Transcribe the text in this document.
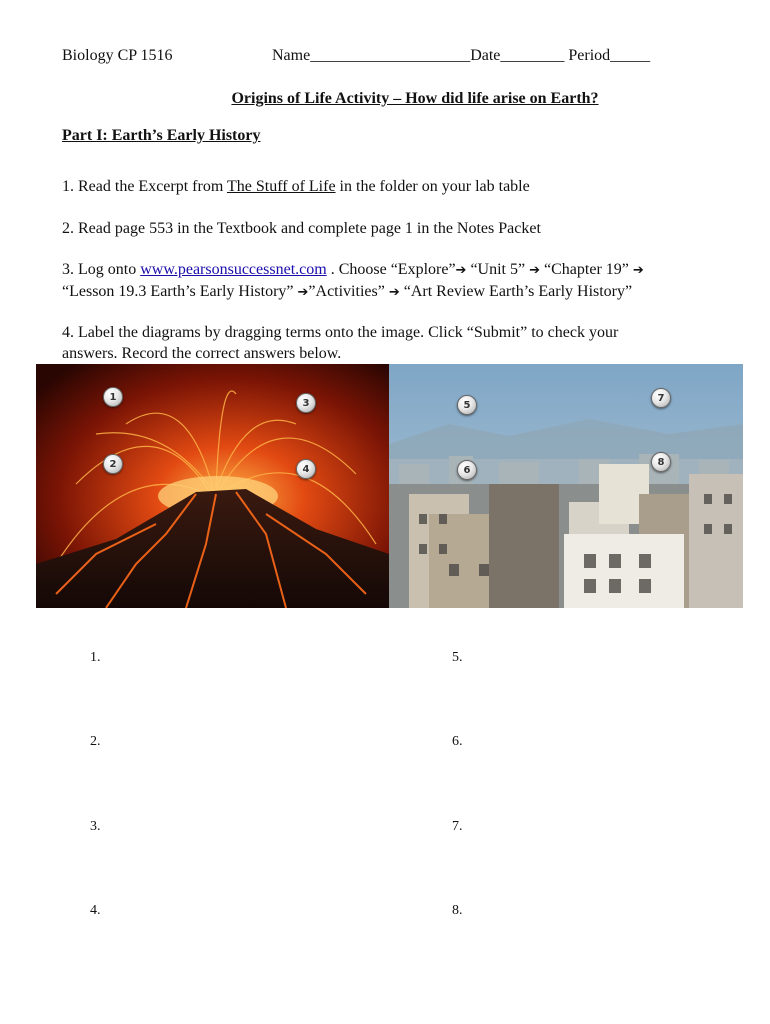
Biology CP 1516	Name____________________Date________ Period_____
Origins of Life Activity – How did life arise on Earth?
Part I: Earth’s Early History
1. Read the Excerpt from The Stuff of Life in the folder on your lab table
2. Read page 553 in the Textbook and complete page 1 in the Notes Packet
3. Log onto www.pearsonsuccessnet.com . Choose “Explore”➔ “Unit 5” ➔ “Chapter 19” ➔
“Lesson 19.3 Earth’s Early History” ➔”Activities” ➔ “Art Review Earth’s Early History”
4. Label the diagrams by dragging terms onto the image. Click “Submit” to check your
answers. Record the correct answers below.
1
2
3
4
5
6
7
8
1.
2.
3.
4.
5.
6.
7.
8.
